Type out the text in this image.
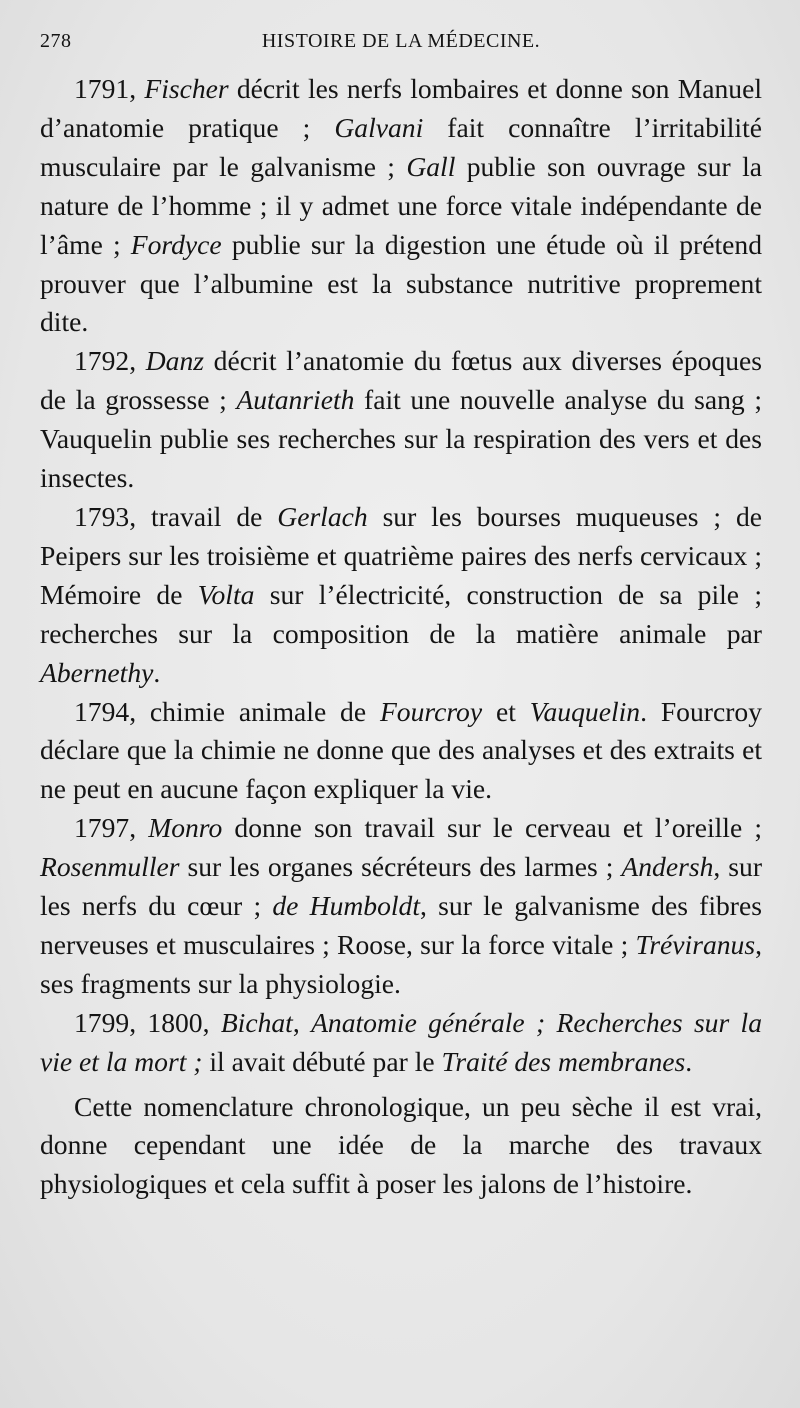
278	HISTOIRE DE LA MÉDECINE.

1791, Fischer décrit les nerfs lombaires et donne son Manuel d’anatomie pratique ; Galvani fait connaître l’irritabilité musculaire par le galvanisme ; Gall publie son ouvrage sur la nature de l’homme ; il y admet une force vitale indépendante de l’âme ; Fordyce publie sur la digestion une étude où il prétend prouver que l’albumine est la substance nutritive proprement dite.

1792, Danz décrit l’anatomie du fœtus aux diverses époques de la grossesse ; Autanrieth fait une nouvelle analyse du sang ; Vauquelin publie ses recherches sur la respiration des vers et des insectes.

1793, travail de Gerlach sur les bourses muqueuses ; de Peipers sur les troisième et quatrième paires des nerfs cervicaux ; Mémoire de Volta sur l’électricité, construction de sa pile ; recherches sur la composition de la matière animale par Abernethy.

1794, chimie animale de Fourcroy et Vauquelin. Fourcroy déclare que la chimie ne donne que des analyses et des extraits et ne peut en aucune façon expliquer la vie.

1797, Monro donne son travail sur le cerveau et l’oreille ; Rosenmuller sur les organes sécréteurs des larmes ; Andersh, sur les nerfs du cœur ; de Humboldt, sur le galvanisme des fibres nerveuses et musculaires ; Roose, sur la force vitale ; Tréviranus, ses fragments sur la physiologie.

1799, 1800, Bichat, Anatomie générale ; Recherches sur la vie et la mort ; il avait débuté par le Traité des membranes.

Cette nomenclature chronologique, un peu sèche il est vrai, donne cependant une idée de la marche des travaux physiologiques et cela suffit à poser les jalons de l’histoire.
